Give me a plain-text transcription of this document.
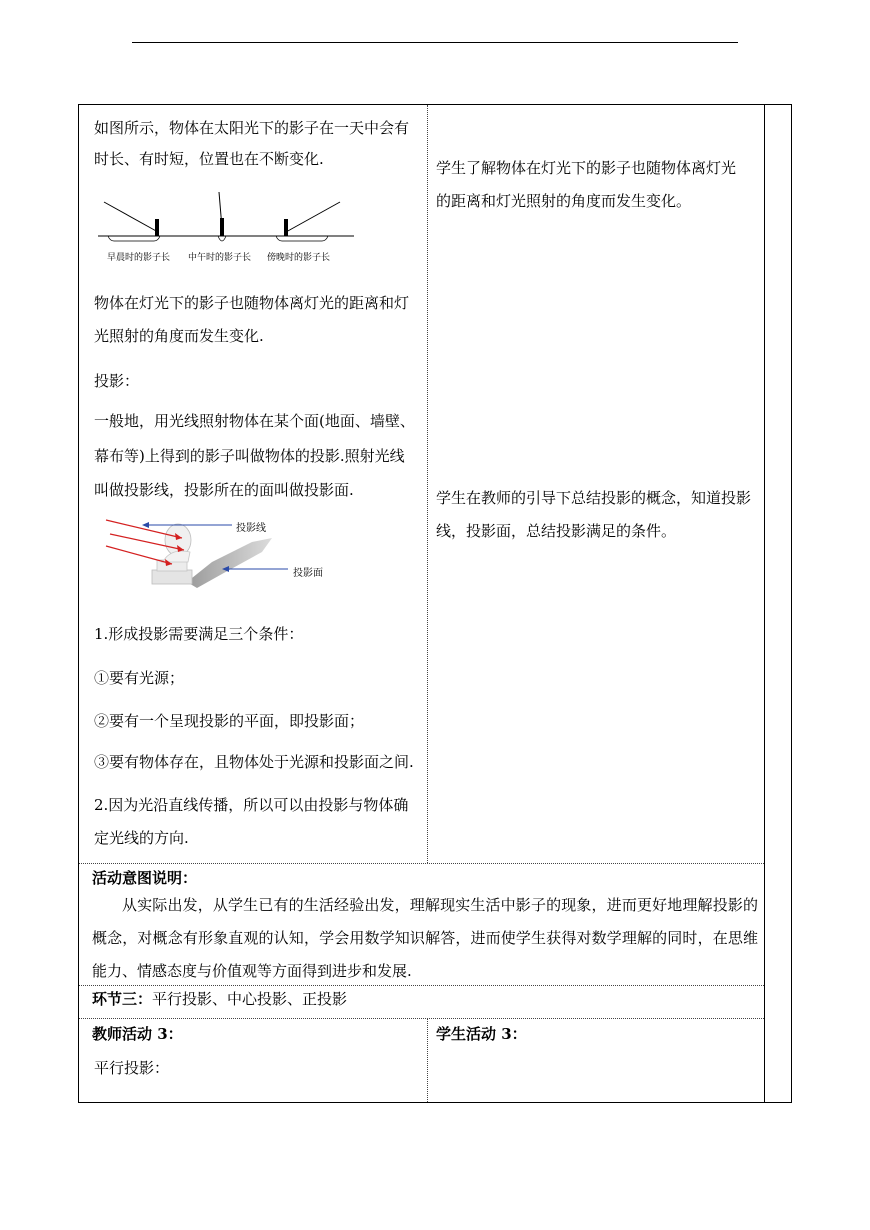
如图所示，物体在太阳光下的影子在一天中会有
时长、有时短，位置也在不断变化.
早晨时的影子长 中午时的影子长 傍晚时的影子长
物体在灯光下的影子也随物体离灯光的距离和灯
光照射的角度而发生变化.
投影：
一般地，用光线照射物体在某个面(地面、墙壁、
幕布等)上得到的影子叫做物体的投影.照射光线
叫做投影线，投影所在的面叫做投影面.
投影线
投影面
1.形成投影需要满足三个条件：
①要有光源；
②要有一个呈现投影的平面，即投影面；
③要有物体存在，且物体处于光源和投影面之间.
2.因为光沿直线传播，所以可以由投影与物体确
定光线的方向.
学生了解物体在灯光下的影子也随物体离灯光
的距离和灯光照射的角度而发生变化。
学生在教师的引导下总结投影的概念，知道投影
线，投影面，总结投影满足的条件。
活动意图说明：
从实际出发，从学生已有的生活经验出发，理解现实生活中影子的现象，进而更好地理解投影的概念，对概念有形象直观的认知，学会用数学知识解答，进而使学生获得对数学理解的同时，在思维能力、情感态度与价值观等方面得到进步和发展.
环节三：平行投影、中心投影、正投影
教师活动 3：
平行投影：
学生活动 3：
